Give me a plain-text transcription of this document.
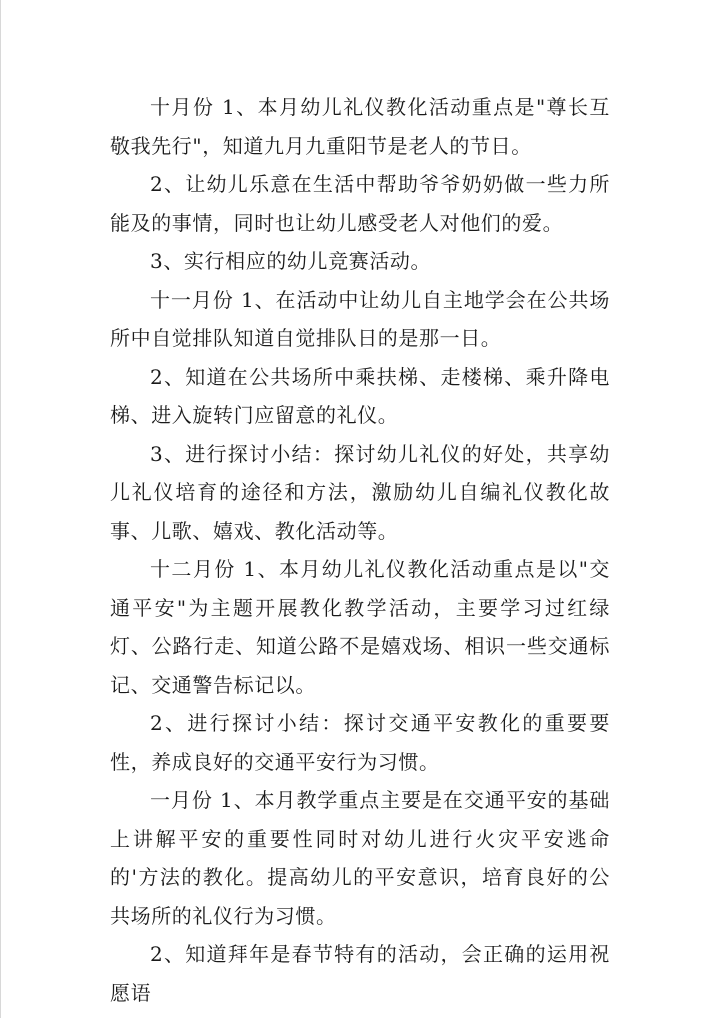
十月份 1、本月幼儿礼仪教化活动重点是"尊长互敬我先行"，知道九月九重阳节是老人的节日。

2、让幼儿乐意在生活中帮助爷爷奶奶做一些力所能及的事情，同时也让幼儿感受老人对他们的爱。

3、实行相应的幼儿竞赛活动。

十一月份 1、在活动中让幼儿自主地学会在公共场所中自觉排队知道自觉排队日的是那一日。

2、知道在公共场所中乘扶梯、走楼梯、乘升降电梯、进入旋转门应留意的礼仪。

3、进行探讨小结：探讨幼儿礼仪的好处，共享幼儿礼仪培育的途径和方法，激励幼儿自编礼仪教化故事、儿歌、嬉戏、教化活动等。

十二月份 1、本月幼儿礼仪教化活动重点是以"交通平安"为主题开展教化教学活动，主要学习过红绿灯、公路行走、知道公路不是嬉戏场、相识一些交通标记、交通警告标记以。

2、进行探讨小结：探讨交通平安教化的重要要性，养成良好的交通平安行为习惯。

一月份 1、本月教学重点主要是在交通平安的基础上讲解平安的重要性同时对幼儿进行火灾平安逃命的'方法的教化。提高幼儿的平安意识，培育良好的公共场所的礼仪行为习惯。

2、知道拜年是春节特有的活动，会正确的运用祝愿语
